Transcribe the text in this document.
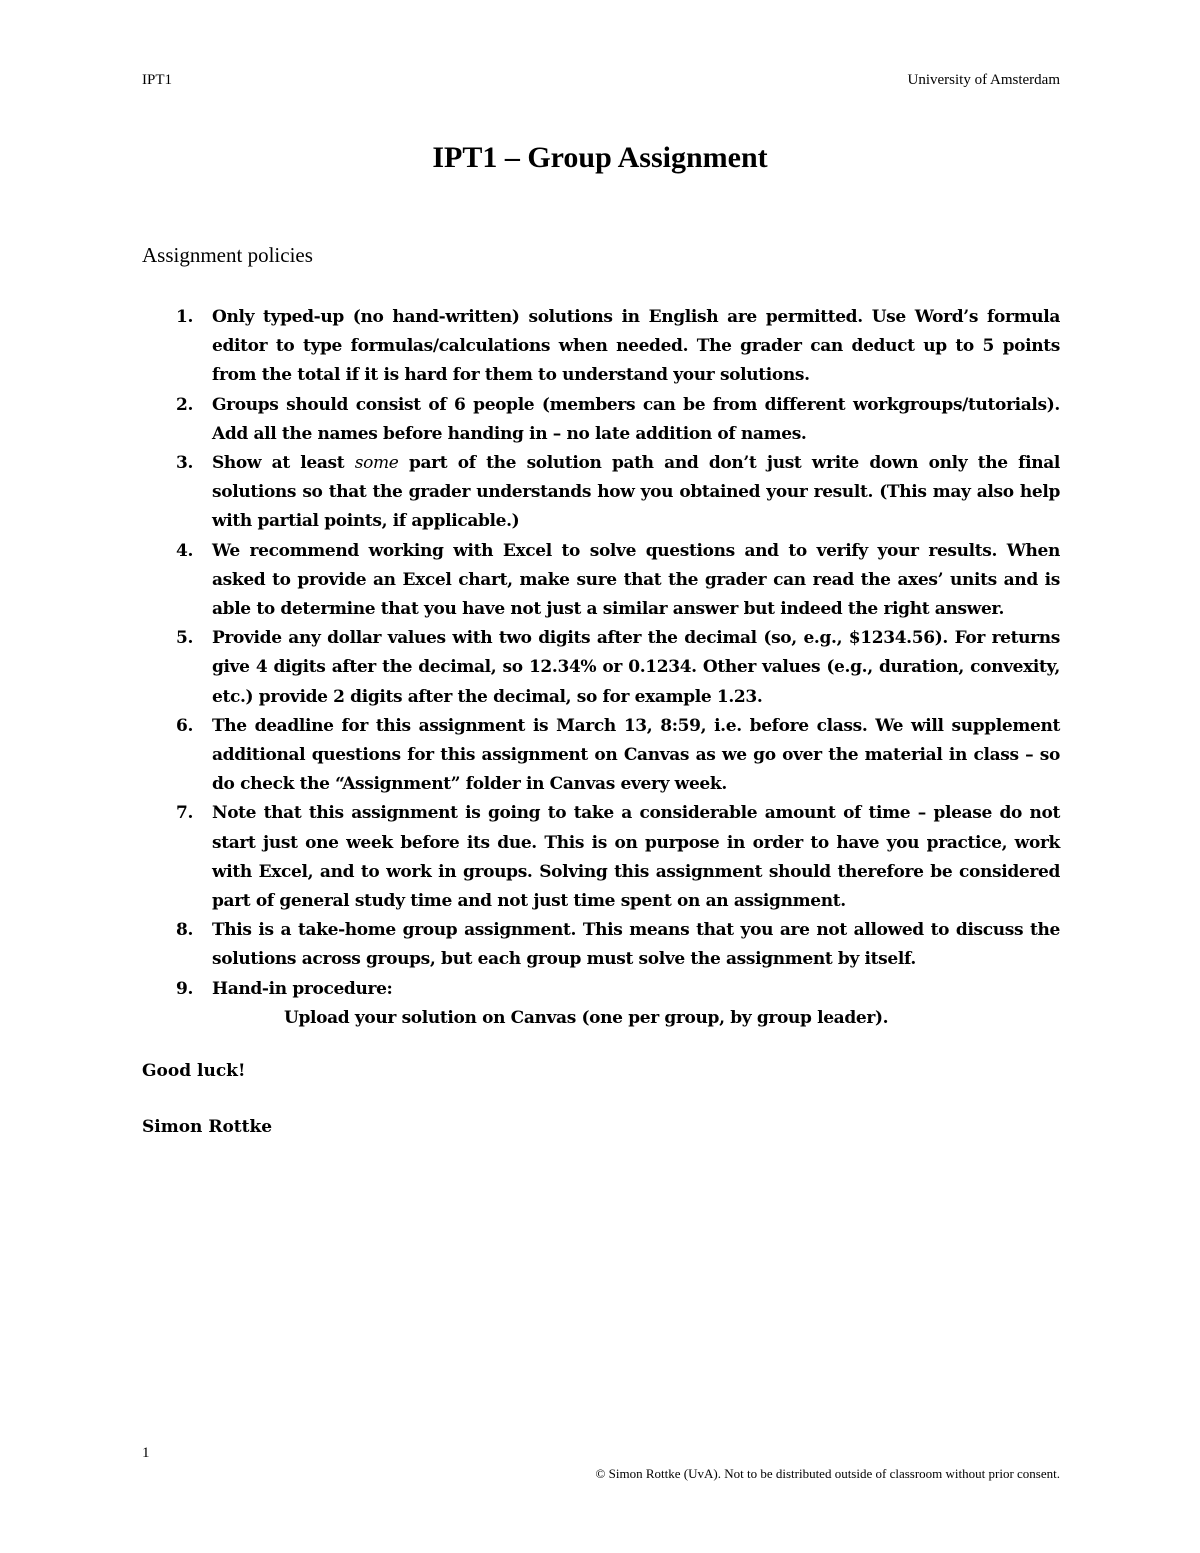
IPT1	University of Amsterdam
IPT1 – Group Assignment
Assignment policies
1. Only typed-up (no hand-written) solutions in English are permitted. Use Word’s formula editor to type formulas/calculations when needed. The grader can deduct up to 5 points from the total if it is hard for them to understand your solutions.
2. Groups should consist of 6 people (members can be from different workgroups/tutorials). Add all the names before handing in – no late addition of names.
3. Show at least some part of the solution path and don’t just write down only the final solutions so that the grader understands how you obtained your result. (This may also help with partial points, if applicable.)
4. We recommend working with Excel to solve questions and to verify your results. When asked to provide an Excel chart, make sure that the grader can read the axes’ units and is able to determine that you have not just a similar answer but indeed the right answer.
5. Provide any dollar values with two digits after the decimal (so, e.g., $1234.56). For returns give 4 digits after the decimal, so 12.34% or 0.1234. Other values (e.g., duration, convexity, etc.) provide 2 digits after the decimal, so for example 1.23.
6. The deadline for this assignment is March 13, 8:59, i.e. before class. We will supplement additional questions for this assignment on Canvas as we go over the material in class – so do check the “Assignment” folder in Canvas every week.
7. Note that this assignment is going to take a considerable amount of time – please do not start just one week before its due. This is on purpose in order to have you practice, work with Excel, and to work in groups. Solving this assignment should therefore be considered part of general study time and not just time spent on an assignment.
8. This is a take-home group assignment. This means that you are not allowed to discuss the solutions across groups, but each group must solve the assignment by itself.
9. Hand-in procedure:
Upload your solution on Canvas (one per group, by group leader).
Good luck!
Simon Rottke
1
© Simon Rottke (UvA). Not to be distributed outside of classroom without prior consent.
